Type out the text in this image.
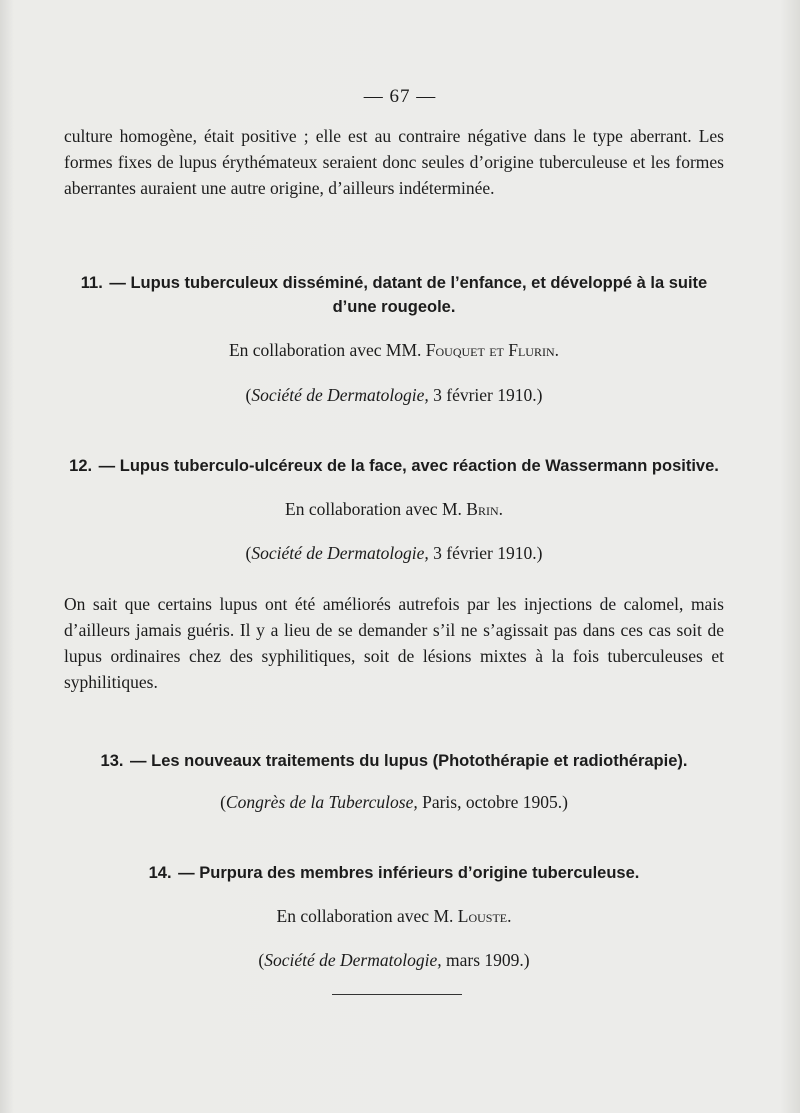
— 67 —

culture homogène, était positive ; elle est au contraire négative dans le type aberrant. Les formes fixes de lupus érythémateux seraient donc seules d’origine tuberculeuse et les formes aberrantes auraient une autre origine, d’ailleurs indéterminée.

11. — Lupus tuberculeux disséminé, datant de l’enfance, et développé à la suite
d’une rougeole.
En collaboration avec MM. Fouquet et Flurin.
(Société de Dermatologie, 3 février 1910.)
12. — Lupus tuberculo-ulcéreux de la face, avec réaction de Wassermann positive.
En collaboration avec M. Brin.
(Société de Dermatologie, 3 février 1910.)

On sait que certains lupus ont été améliorés autrefois par les injections de calomel, mais d’ailleurs jamais guéris. Il y a lieu de se demander s’il ne s’agissait pas dans ces cas soit de lupus ordinaires chez des syphilitiques, soit de lésions mixtes à la fois tuberculeuses et syphilitiques.

13. — Les nouveaux traitements du lupus (Photothérapie et radiothérapie).
(Congrès de la Tuberculose, Paris, octobre 1905.)
14. — Purpura des membres inférieurs d’origine tuberculeuse.
En collaboration avec M. Louste.
(Société de Dermatologie, mars 1909.)
